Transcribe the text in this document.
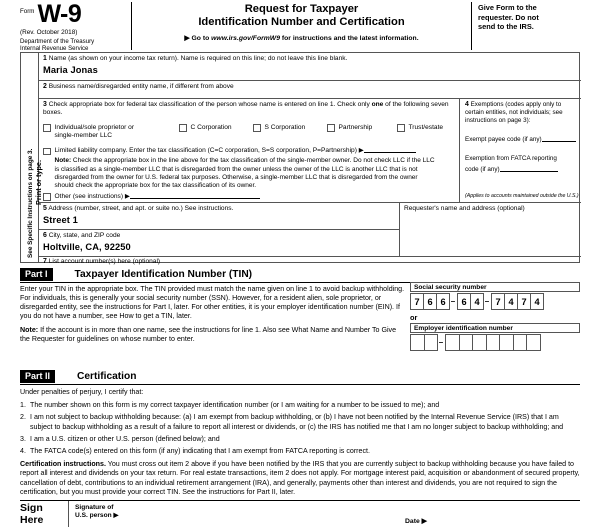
Form W-9
(Rev. October 2018)
Department of the Treasury
Internal Revenue Service
Request for Taxpayer
Identification Number and Certification
▶ Go to www.irs.gov/FormW9 for instructions and the latest information.
Give Form to the
requester. Do not
send to the IRS.
Print or type.
See Specific Instructions on page 3.
1 Name (as shown on your income tax return). Name is required on this line; do not leave this line blank.
Maria Jonas
2 Business name/disregarded entity name, if different from above
3 Check appropriate box for federal tax classification of the person whose name is entered on line 1. Check only one of the following seven boxes.
Individual/sole proprietor or
single-member LLC
C Corporation	S Corporation	Partnership	Trust/estate
Limited liability company. Enter the tax classification (C=C corporation, S=S corporation, P=Partnership) ▶
Note: Check the appropriate box in the line above for the tax classification of the single-member owner. Do not check LLC if the LLC is classified as a single-member LLC that is disregarded from the owner unless the owner of the LLC is another LLC that is not disregarded from the owner for U.S. federal tax purposes. Otherwise, a single-member LLC that is disregarded from the owner should check the appropriate box for the tax classification of its owner.
Other (see instructions) ▶
4 Exemptions (codes apply only to certain entities, not individuals; see instructions on page 3):
Exempt payee code (if any)
Exemption from FATCA reporting
code (if any)
(Applies to accounts maintained outside the U.S.)
5 Address (number, street, and apt. or suite no.) See instructions.
Street 1
6 City, state, and ZIP code
Holtville, CA, 92250
Requester's name and address (optional)
7 List account number(s) here (optional)
Part I	Taxpayer Identification Number (TIN)
Enter your TIN in the appropriate box. The TIN provided must match the name given on line 1 to avoid backup withholding. For individuals, this is generally your social security number (SSN). However, for a resident alien, sole proprietor, or disregarded entity, see the instructions for Part I, later. For other entities, it is your employer identification number (EIN). If you do not have a number, see How to get a TIN, later.
Note: If the account is in more than one name, see the instructions for line 1. Also see What Name and Number To Give the Requester for guidelines on whose number to enter.
Social security number
7 6 6 – 6 4 – 7 4 7 4
or
Employer identification number
–
Part II	Certification
Under penalties of perjury, I certify that:
1. The number shown on this form is my correct taxpayer identification number (or I am waiting for a number to be issued to me); and
2. I am not subject to backup withholding because: (a) I am exempt from backup withholding, or (b) I have not been notified by the Internal Revenue Service (IRS) that I am subject to backup withholding as a result of a failure to report all interest or dividends, or (c) the IRS has notified me that I am no longer subject to backup withholding; and
3. I am a U.S. citizen or other U.S. person (defined below); and
4. The FATCA code(s) entered on this form (if any) indicating that I am exempt from FATCA reporting is correct.
Certification instructions. You must cross out item 2 above if you have been notified by the IRS that you are currently subject to backup withholding because you have failed to report all interest and dividends on your tax return. For real estate transactions, item 2 does not apply. For mortgage interest paid, acquisition or abandonment of secured property, cancellation of debt, contributions to an individual retirement arrangement (IRA), and generally, payments other than interest and dividends, you are not required to sign the certification, but you must provide your correct TIN. See the instructions for Part II, later.
Sign
Here
Signature of
U.S. person ▶
Date ▶
